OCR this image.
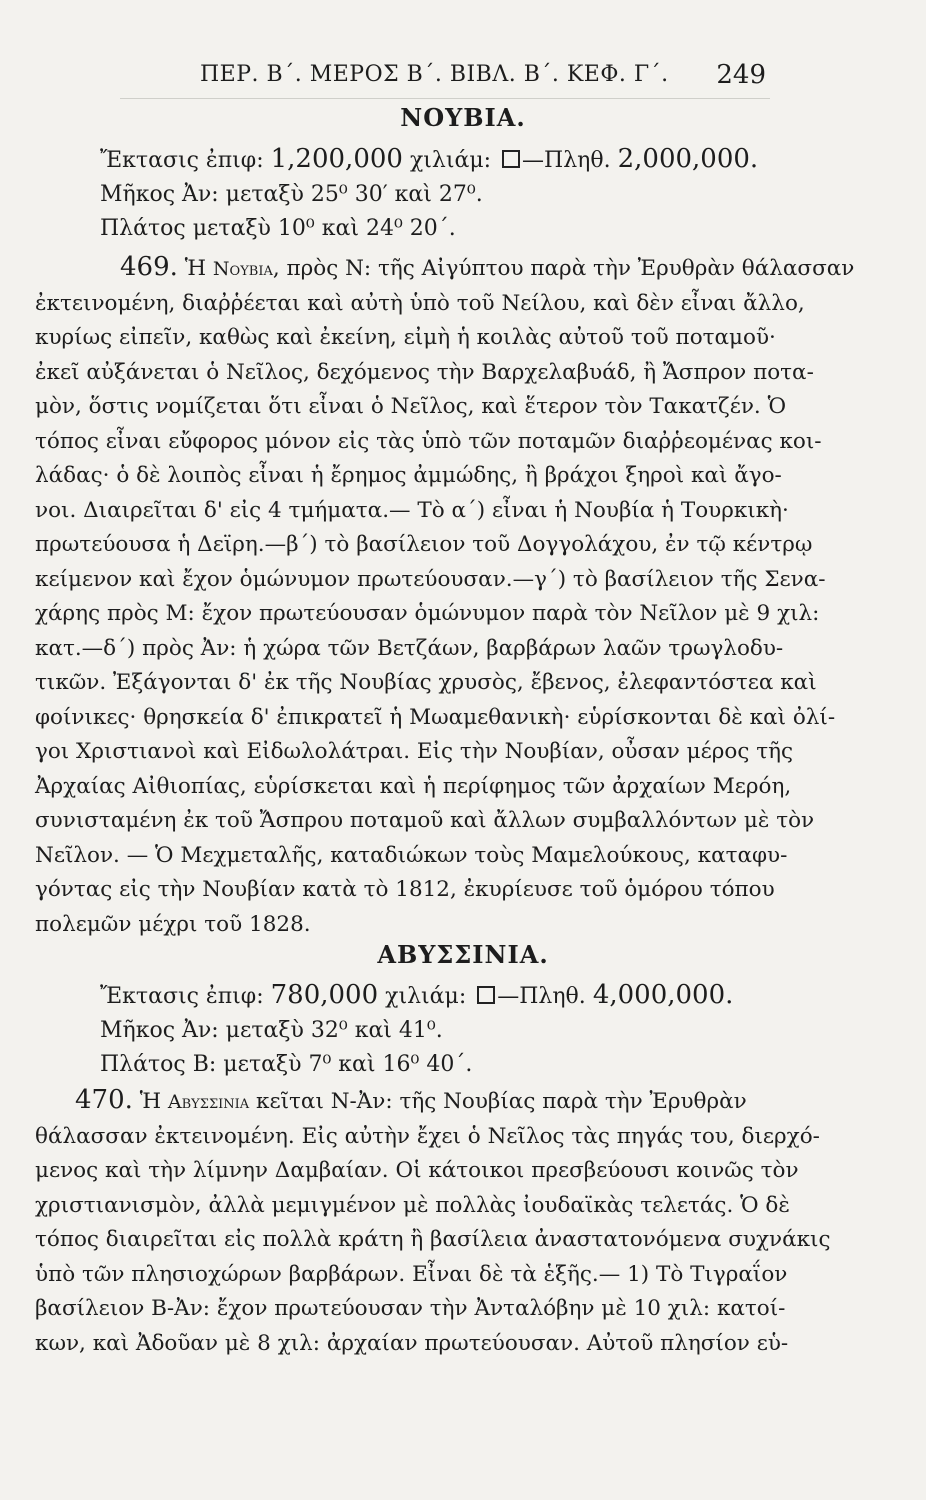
ΠΕΡ. Β΄. ΜΕΡΟΣ Β΄. ΒΙΒΛ. Β΄. ΚΕΦ. Γ΄.	249
ΝΟΥΒΙΑ.
Ἔκτασις ἐπιφ: 1,200,000 χιλιάμ: —Πληθ. 2,000,000.
Μῆκος Ἀν: μεταξὺ 25⁰ 30′ καὶ 27⁰.
Πλάτος μεταξὺ 10⁰ καὶ 24⁰ 20΄.
469. Ἡ Νουβια, πρὸς Ν: τῆς Αἰγύπτου παρὰ τὴν Ἐρυθρὰν θάλασσαν
ἐκτεινομένη, διαῤῥέεται καὶ αὐτὴ ὑπὸ τοῦ Νείλου, καὶ δὲν εἶναι ἄλλο,
κυρίως εἰπεῖν, καθὼς καὶ ἐκείνη, εἰμὴ ἡ κοιλὰς αὐτοῦ τοῦ ποταμοῦ·
ἐκεῖ αὐξάνεται ὁ Νεῖλος, δεχόμενος τὴν Βαρχελαβυάδ, ἢ Ἄσπρον ποτα-
μὸν, ὅστις νομίζεται ὅτι εἶναι ὁ Νεῖλος, καὶ ἕτερον τὸν Τακατζέν. Ὁ
τόπος εἶναι εὔφορος μόνον εἰς τὰς ὑπὸ τῶν ποταμῶν διαῤῥεομένας κοι-
λάδας· ὁ δὲ λοιπὸς εἶναι ἡ ἔρημος ἀμμώδης, ἢ βράχοι ξηροὶ καὶ ἄγο-
νοι. Διαιρεῖται δ' εἰς 4 τμήματα.— Τὸ α΄) εἶναι ἡ Νουβία ἡ Τουρκικὴ·
πρωτεύουσα ἡ Δεϊρη.—β΄) τὸ βασίλειον τοῦ Δογγολάχου, ἐν τῷ κέντρῳ
κείμενον καὶ ἔχον ὁμώνυμον πρωτεύουσαν.—γ΄) τὸ βασίλειον τῆς Σενα-
χάρης πρὸς Μ: ἔχον πρωτεύουσαν ὁμώνυμον παρὰ τὸν Νεῖλον μὲ 9 χιλ:
κατ.—δ΄) πρὸς Ἀν: ἡ χώρα τῶν Βετζάων, βαρβάρων λαῶν τρωγλοδυ-
τικῶν. Ἐξάγονται δ' ἐκ τῆς Νουβίας χρυσὸς, ἔβενος, ἐλεφαντόστεα καὶ
φοίνικες· θρησκεία δ' ἐπικρατεῖ ἡ Μωαμεθανικὴ· εὑρίσκονται δὲ καὶ ὀλί-
γοι Χριστιανοὶ καὶ Εἰδωλολάτραι. Εἰς τὴν Νουβίαν, οὖσαν μέρος τῆς
Ἀρχαίας Αἰθιοπίας, εὑρίσκεται καὶ ἡ περίφημος τῶν ἀρχαίων Μερόη,
συνισταμένη ἐκ τοῦ Ἄσπρου ποταμοῦ καὶ ἄλλων συμβαλλόντων μὲ τὸν
Νεῖλον. — Ὁ Μεχμεταλῆς, καταδιώκων τοὺς Μαμελούκους, καταφυ-
γόντας εἰς τὴν Νουβίαν κατὰ τὸ 1812, ἐκυρίευσε τοῦ ὁμόρου τόπου
πολεμῶν μέχρι τοῦ 1828.
ΑΒΥΣΣΙΝΙΑ.
Ἔκτασις ἐπιφ: 780,000 χιλιάμ: —Πληθ. 4,000,000.
Μῆκος Ἀν: μεταξὺ 32⁰ καὶ 41⁰.
Πλάτος Β: μεταξὺ 7⁰ καὶ 16⁰ 40΄.
470. Ἡ Αβυσσινια κεῖται Ν-Ἀν: τῆς Νουβίας παρὰ τὴν Ἐρυθρὰν
θάλασσαν ἐκτεινομένη. Εἰς αὐτὴν ἔχει ὁ Νεῖλος τὰς πηγάς του, διερχό-
μενος καὶ τὴν λίμνην Δαμβαίαν. Οἱ κάτοικοι πρεσβεύουσι κοινῶς τὸν
χριστιανισμὸν, ἀλλὰ μεμιγμένον μὲ πολλὰς ἰουδαϊκὰς τελετάς. Ὁ δὲ
τόπος διαιρεῖται εἰς πολλὰ κράτη ἢ βασίλεια ἀναστατονόμενα συχνάκις
ὑπὸ τῶν πλησιοχώρων βαρβάρων. Εἶναι δὲ τὰ ἑξῆς.— 1) Τὸ Τιγραΐον
βασίλειον Β-Ἀν: ἔχον πρωτεύουσαν τὴν Ἀνταλόβην μὲ 10 χιλ: κατοί-
κων, καὶ Ἀδοῦαν μὲ 8 χιλ: ἀρχαίαν πρωτεύουσαν. Αὐτοῦ πλησίον εὑ-
